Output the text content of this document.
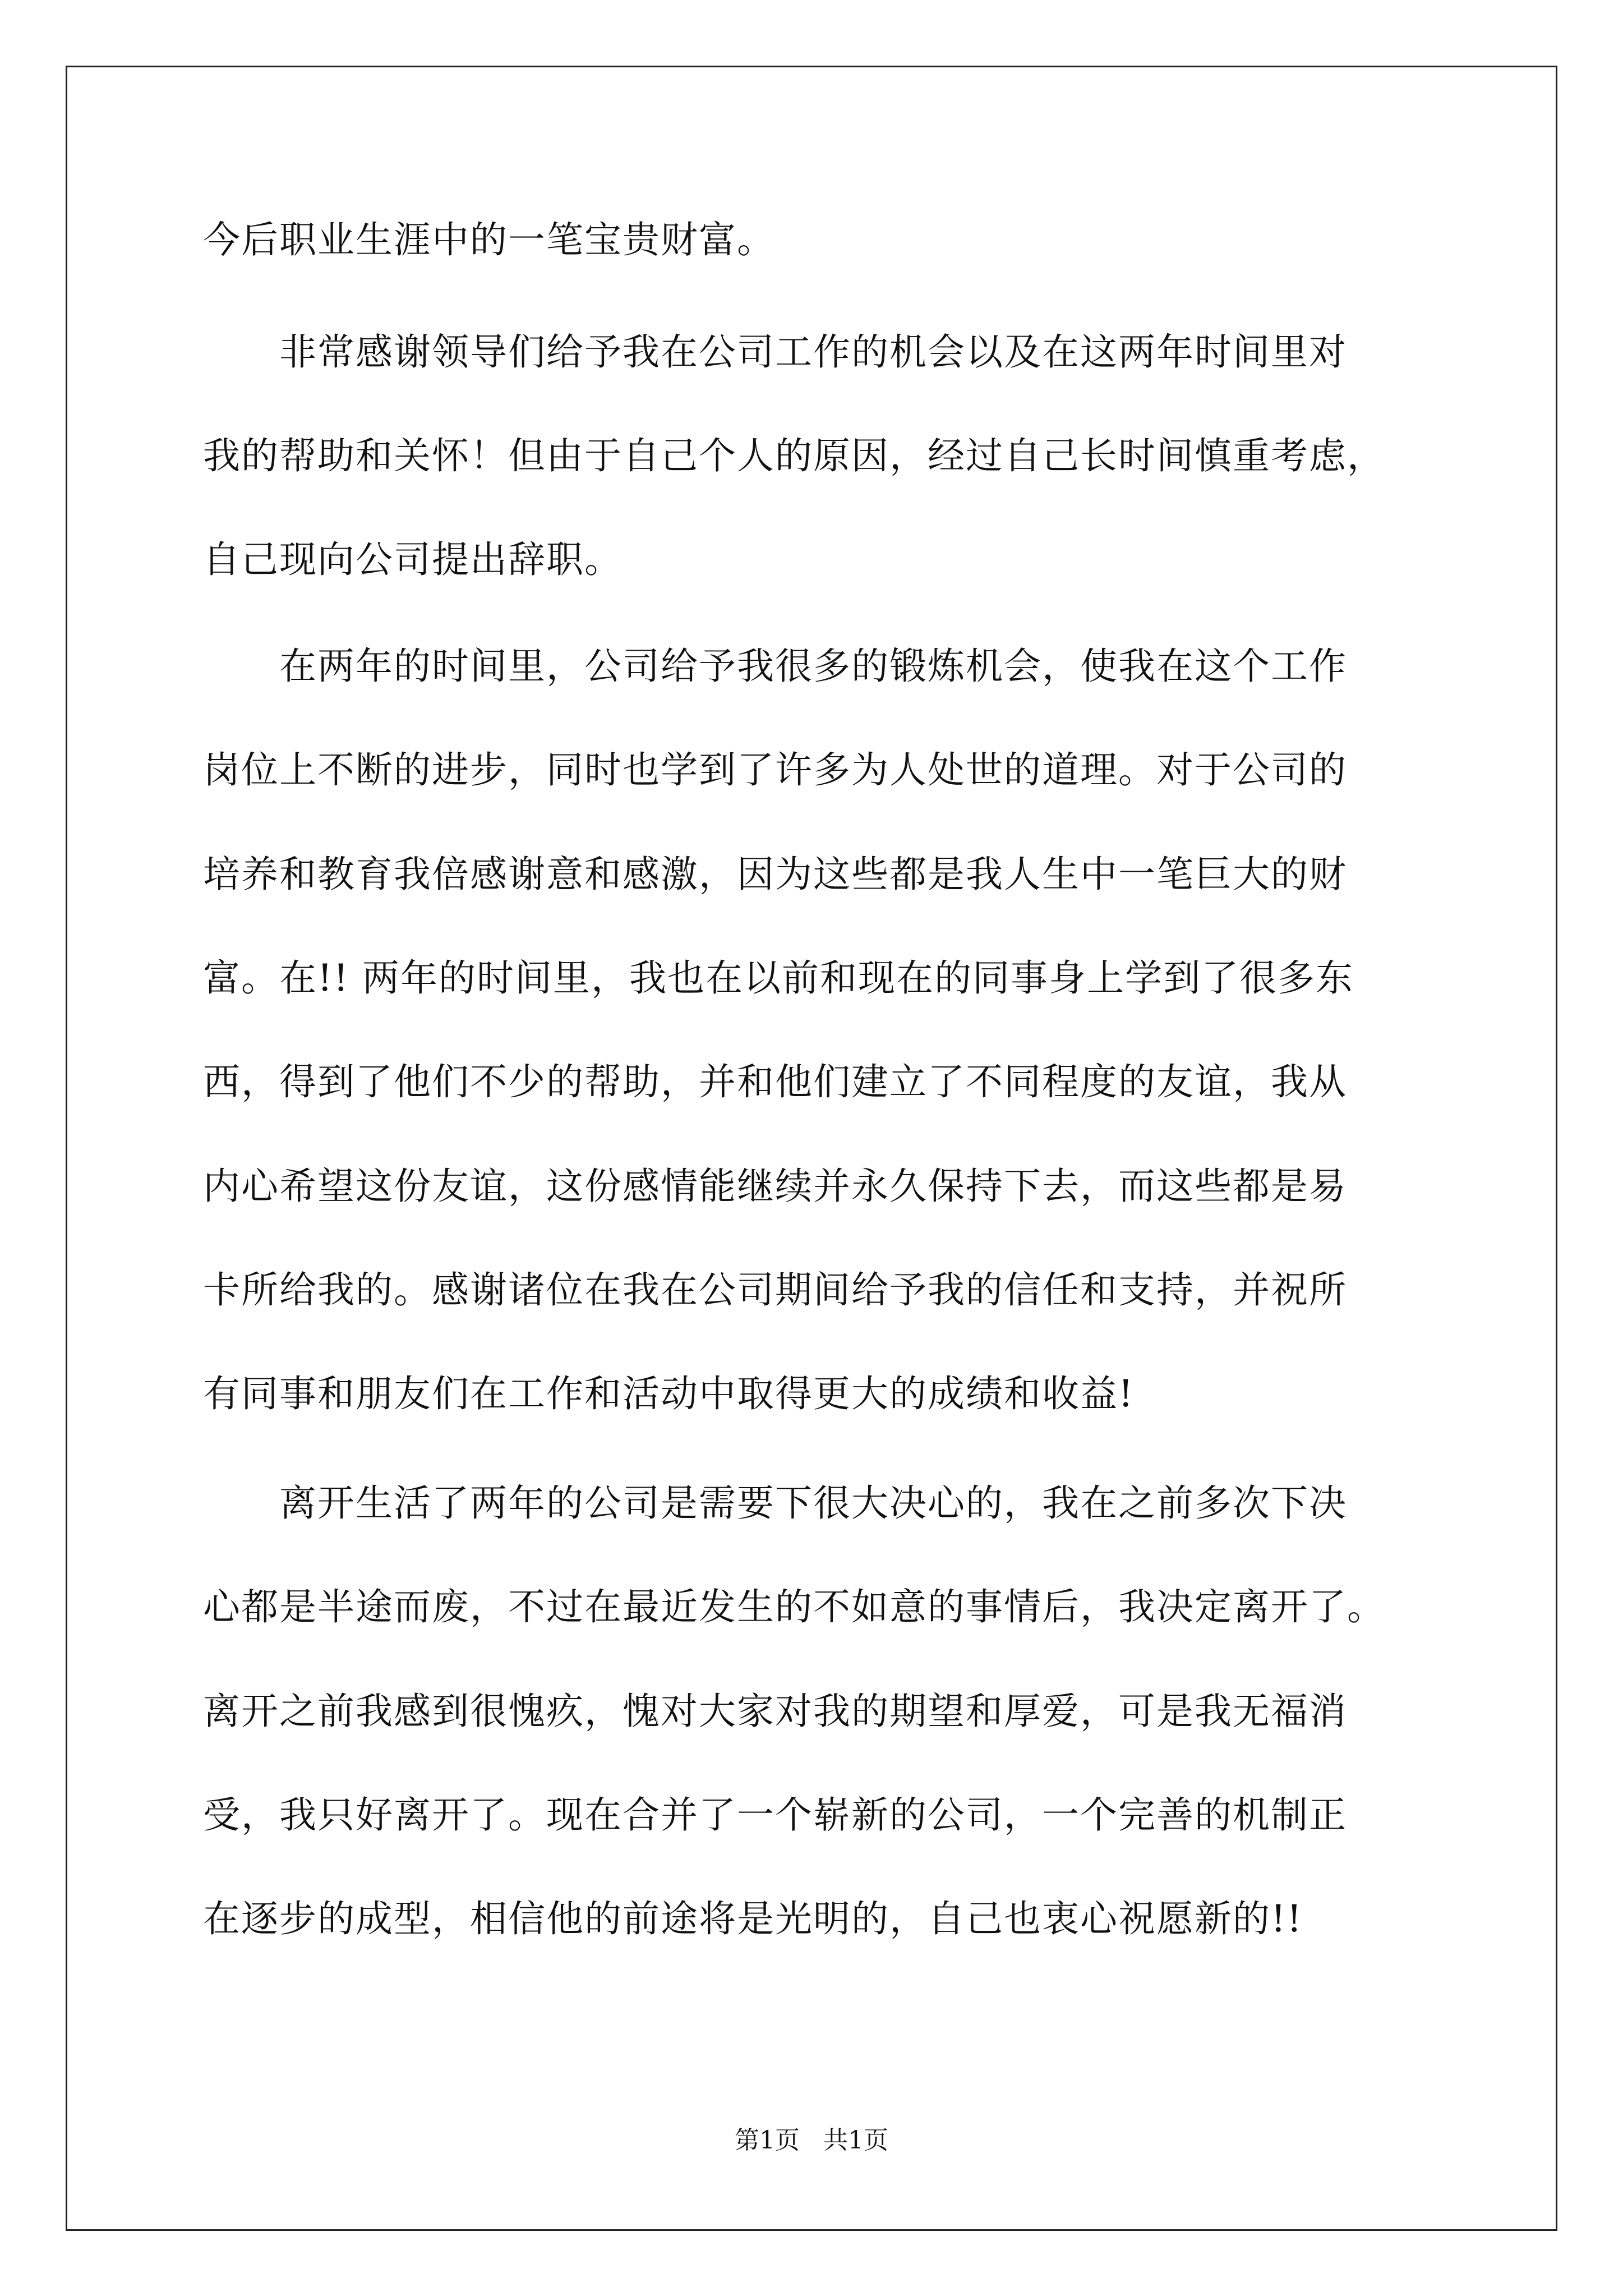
今后职业生涯中的一笔宝贵财富。
　　非常感谢领导们给予我在公司工作的机会以及在这两年时间里对
我的帮助和关怀！但由于自己个人的原因，经过自己长时间慎重考虑，
自己现向公司提出辞职。
　　在两年的时间里，公司给予我很多的锻炼机会，使我在这个工作
岗位上不断的进步，同时也学到了许多为人处世的道理。对于公司的
培养和教育我倍感谢意和感激，因为这些都是我人生中一笔巨大的财
富。在!! 两年的时间里，我也在以前和现在的同事身上学到了很多东
西，得到了他们不少的帮助，并和他们建立了不同程度的友谊，我从
内心希望这份友谊，这份感情能继续并永久保持下去，而这些都是易
卡所给我的。感谢诸位在我在公司期间给予我的信任和支持，并祝所
有同事和朋友们在工作和活动中取得更大的成绩和收益!
　　离开生活了两年的公司是需要下很大决心的，我在之前多次下决
心都是半途而废，不过在最近发生的不如意的事情后，我决定离开了。
离开之前我感到很愧疚，愧对大家对我的期望和厚爱，可是我无福消
受，我只好离开了。现在合并了一个崭新的公司，一个完善的机制正
在逐步的成型，相信他的前途将是光明的，自己也衷心祝愿新的!!
第1页 共1页
